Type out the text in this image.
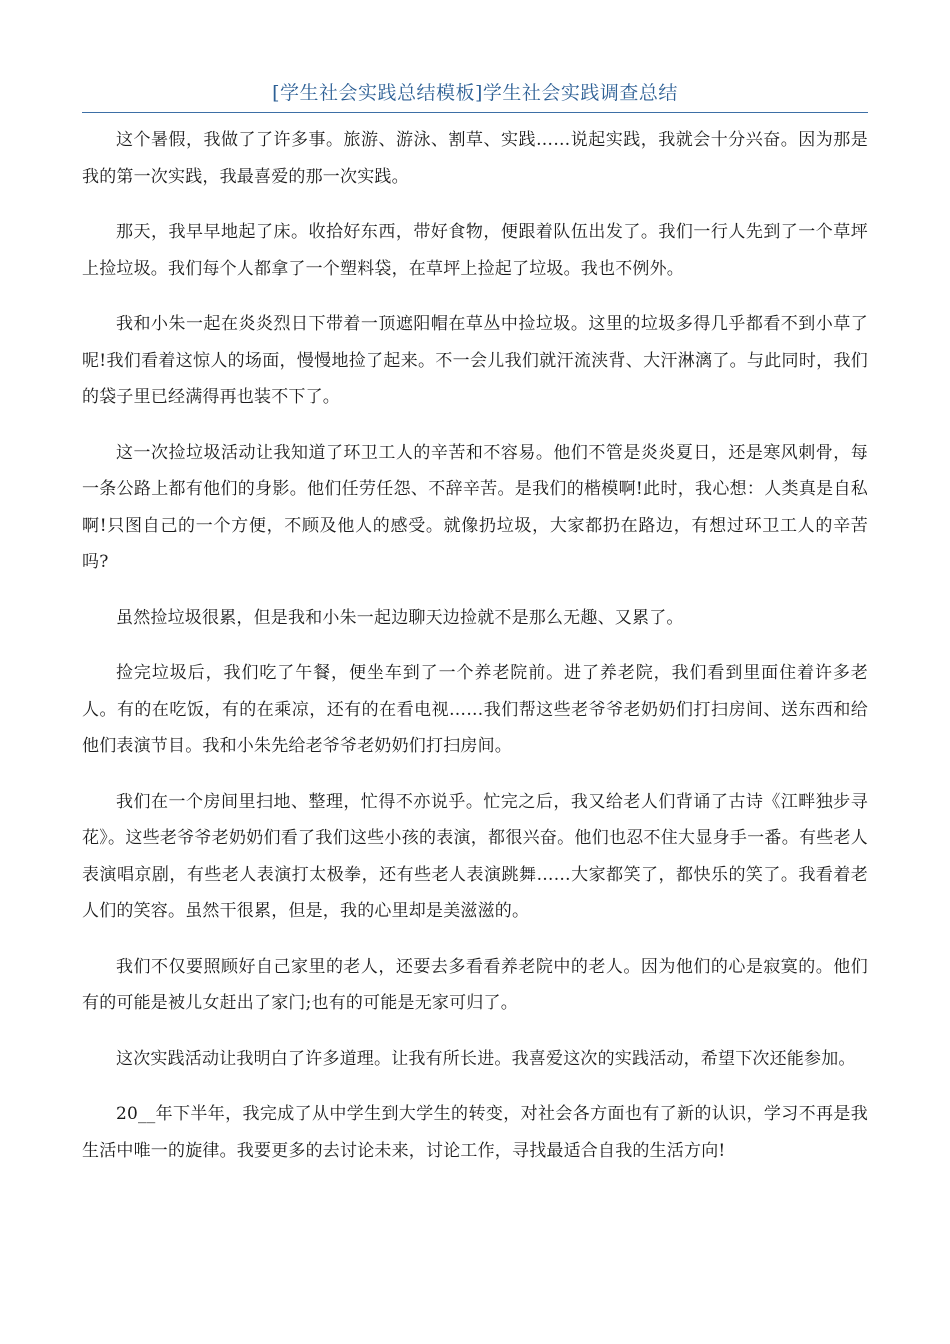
[学生社会实践总结模板]学生社会实践调查总结

这个暑假，我做了了许多事。旅游、游泳、割草、实践……说起实践，我就会十分兴奋。因为那是我的第一次实践，我最喜爱的那一次实践。

那天，我早早地起了床。收拾好东西，带好食物，便跟着队伍出发了。我们一行人先到了一个草坪上捡垃圾。我们每个人都拿了一个塑料袋，在草坪上捡起了垃圾。我也不例外。

我和小朱一起在炎炎烈日下带着一顶遮阳帽在草丛中捡垃圾。这里的垃圾多得几乎都看不到小草了呢!我们看着这惊人的场面，慢慢地捡了起来。不一会儿我们就汗流浃背、大汗淋漓了。与此同时，我们的袋子里已经满得再也装不下了。

这一次捡垃圾活动让我知道了环卫工人的辛苦和不容易。他们不管是炎炎夏日，还是寒风刺骨，每一条公路上都有他们的身影。他们任劳任怨、不辞辛苦。是我们的楷模啊!此时，我心想：人类真是自私啊!只图自己的一个方便，不顾及他人的感受。就像扔垃圾，大家都扔在路边，有想过环卫工人的辛苦吗?

虽然捡垃圾很累，但是我和小朱一起边聊天边捡就不是那么无趣、又累了。

捡完垃圾后，我们吃了午餐，便坐车到了一个养老院前。进了养老院，我们看到里面住着许多老人。有的在吃饭，有的在乘凉，还有的在看电视……我们帮这些老爷爷老奶奶们打扫房间、送东西和给他们表演节目。我和小朱先给老爷爷老奶奶们打扫房间。

我们在一个房间里扫地、整理，忙得不亦说乎。忙完之后，我又给老人们背诵了古诗《江畔独步寻花》。这些老爷爷老奶奶们看了我们这些小孩的表演，都很兴奋。他们也忍不住大显身手一番。有些老人表演唱京剧，有些老人表演打太极拳，还有些老人表演跳舞……大家都笑了，都快乐的笑了。我看着老人们的笑容。虽然干很累，但是，我的心里却是美滋滋的。

我们不仅要照顾好自己家里的老人，还要去多看看养老院中的老人。因为他们的心是寂寞的。他们有的可能是被儿女赶出了家门;也有的可能是无家可归了。

这次实践活动让我明白了许多道理。让我有所长进。我喜爱这次的实践活动，希望下次还能参加。

20__年下半年，我完成了从中学生到大学生的转变，对社会各方面也有了新的认识，学习不再是我生活中唯一的旋律。我要更多的去讨论未来，讨论工作，寻找最适合自我的生活方向!
